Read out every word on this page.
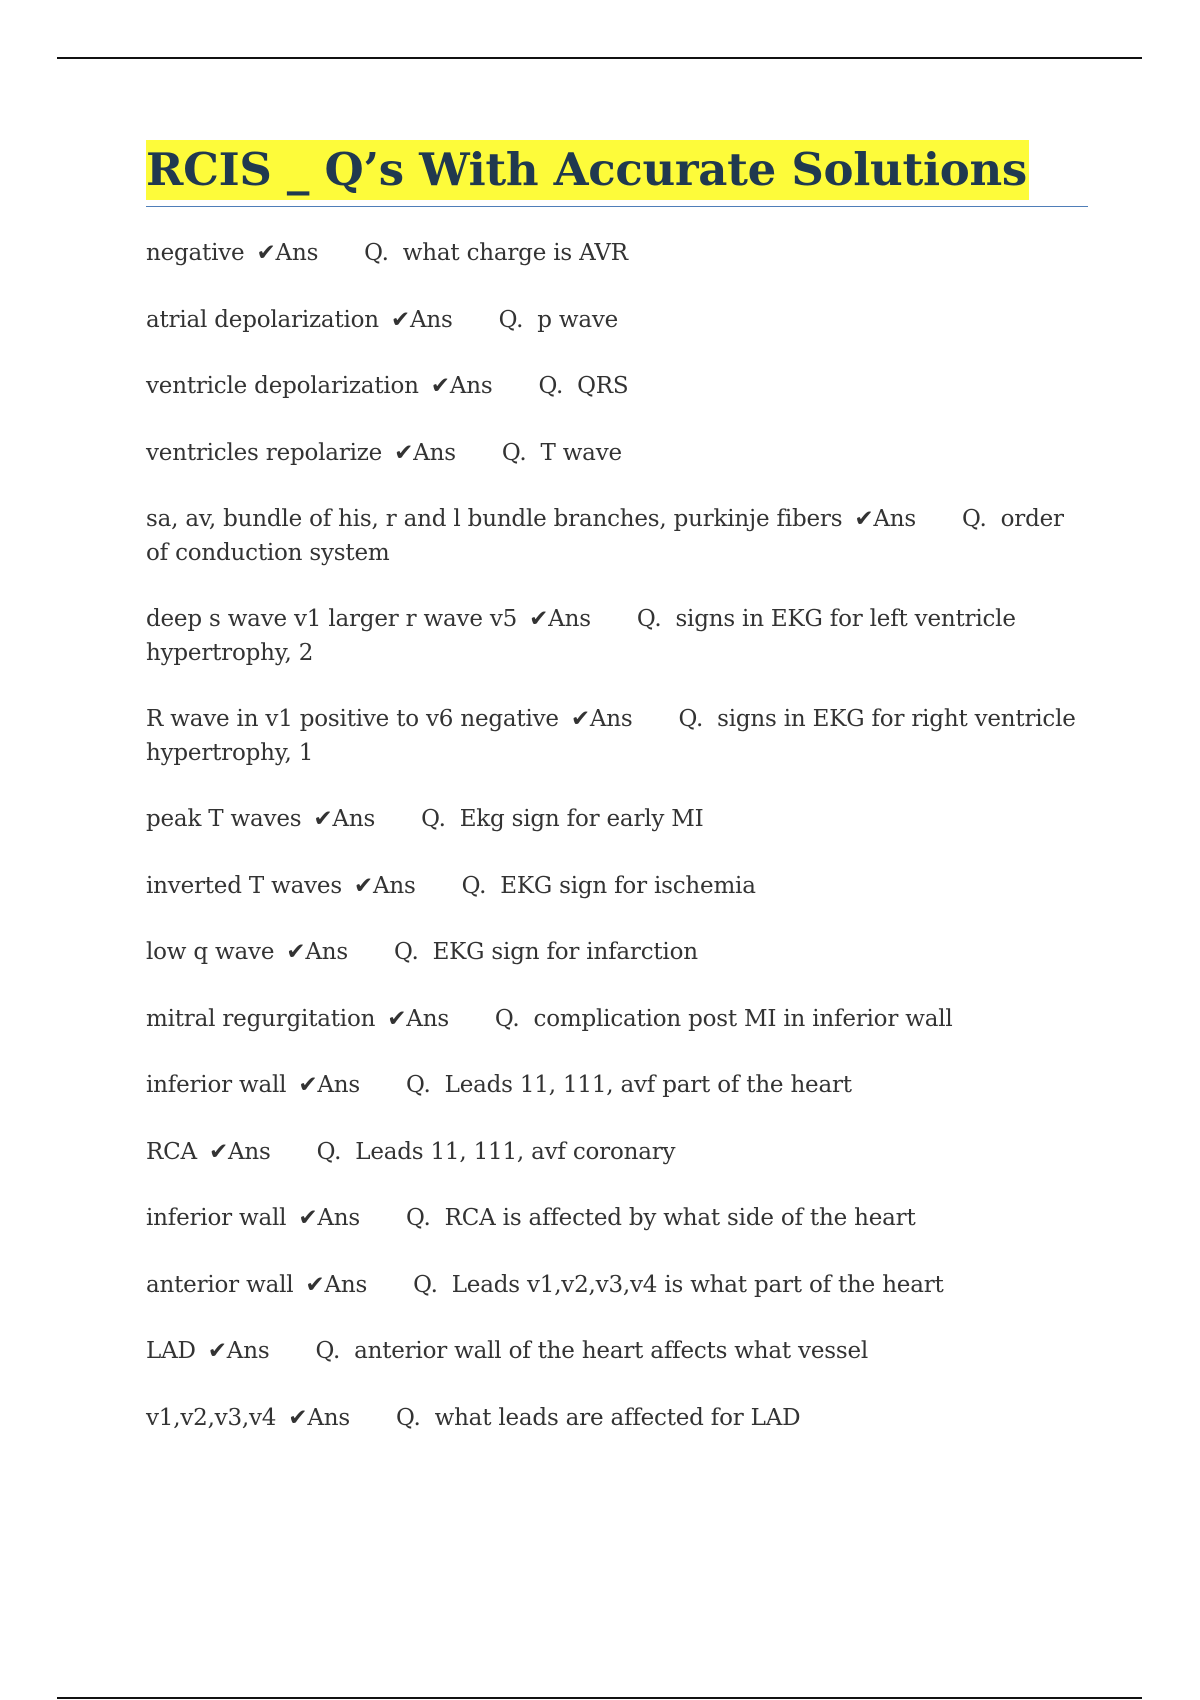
RCIS _ Q’s With Accurate Solutions
negative ✔Ans Q. what charge is AVR
atrial depolarization ✔Ans Q. p wave
ventricle depolarization ✔Ans Q. QRS
ventricles repolarize ✔Ans Q. T wave
sa, av, bundle of his, r and l bundle branches, purkinje fibers ✔Ans Q. order of conduction system
deep s wave v1 larger r wave v5 ✔Ans Q. signs in EKG for left ventricle hypertrophy, 2
R wave in v1 positive to v6 negative ✔Ans Q. signs in EKG for right ventricle hypertrophy, 1
peak T waves ✔Ans Q. Ekg sign for early MI
inverted T waves ✔Ans Q. EKG sign for ischemia
low q wave ✔Ans Q. EKG sign for infarction
mitral regurgitation ✔Ans Q. complication post MI in inferior wall
inferior wall ✔Ans Q. Leads 11, 111, avf part of the heart
RCA ✔Ans Q. Leads 11, 111, avf coronary
inferior wall ✔Ans Q. RCA is affected by what side of the heart
anterior wall ✔Ans Q. Leads v1,v2,v3,v4 is what part of the heart
LAD ✔Ans Q. anterior wall of the heart affects what vessel
v1,v2,v3,v4 ✔Ans Q. what leads are affected for LAD
